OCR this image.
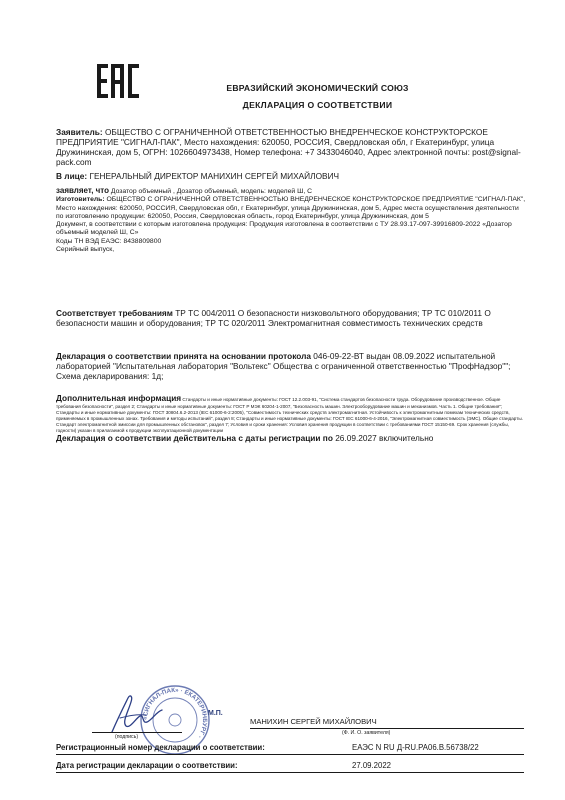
ЕВРАЗИЙСКИЙ ЭКОНОМИЧЕСКИЙ СОЮЗ
ДЕКЛАРАЦИЯ О СООТВЕТСТВИИ
Заявитель: ОБЩЕСТВО С ОГРАНИЧЕННОЙ ОТВЕТСТВЕННОСТЬЮ ВНЕДРЕНЧЕСКОЕ КОНСТРУКТОРСКОЕ ПРЕДПРИЯТИЕ "СИГНАЛ-ПАК", Место нахождения: 620050, РОССИЯ, Свердловская обл, г Екатеринбург, улица Дружининская, дом 5, ОГРН: 1026604973438, Номер телефона: +7 3433046040, Адрес электронной почты: post@signal-pack.com
В лице: ГЕНЕРАЛЬНЫЙ ДИРЕКТОР МАНИХИН СЕРГЕЙ МИХАЙЛОВИЧ
заявляет, что Дозатор объемный , Дозатор объемный, модель: моделей Ш, С
Изготовитель: ОБЩЕСТВО С ОГРАНИЧЕННОЙ ОТВЕТСТВЕННОСТЬЮ ВНЕДРЕНЧЕСКОЕ КОНСТРУКТОРСКОЕ ПРЕДПРИЯТИЕ "СИГНАЛ-ПАК", Место нахождения: 620050, РОССИЯ, Свердловская обл, г Екатеринбург, улица Дружининская, дом 5, Адрес места осуществления деятельности по изготовлению продукции: 620050, Россия, Свердловская область, город Екатеринбург, улица Дружининская, дом 5
Документ, в соответствии с которым изготовлена продукция: Продукция изготовлена в соответствии с ТУ 28.93.17-097-39916809-2022 «Дозатор объемный моделей Ш, С»
Коды ТН ВЭД ЕАЭС: 8438809800
Серийный выпуск,
Соответствует требованиям ТР ТС 004/2011 О безопасности низковольтного оборудования; ТР ТС 010/2011 О безопасности машин и оборудования; ТР ТС 020/2011 Электромагнитная совместимость технических средств
Декларация о соответствии принята на основании протокола 046-09-22-ВТ выдан 08.09.2022 испытательной лабораторией "Испытательная лаборатория "Вольтекс" Общества с ограниченной ответственностью "ПрофНадзор""; Схема декларирования: 1д;
Дополнительная информация Стандарты и иные нормативные документы: ГОСТ 12.2.003-91, "Система стандартов безопасности труда. Оборудование производственное. Общие требования безопасности", раздел 2; Стандарты и иные нормативные документы: ГОСТ Р МЭК 60204-1-2007, "Безопасность машин. Электрооборудование машин и механизмов. Часть 1. Общие требования"; Стандарты и иные нормативные документы: ГОСТ 30804.6.2-2013 (IEC 61000-6-2:2005), "Совместимость технических средств электромагнитная. Устойчивость к электромагнитным помехам технических средств, применяемых в промышленных зонах. Требования и методы испытаний", раздел 8; Стандарты и иные нормативные документы: ГОСТ IEC 61000-6-4-2016, "Электромагнитная совместимость (ЭМС). Общие стандарты. Стандарт электромагнитной эмиссии для промышленных обстановок", раздел 7; Условия и сроки хранения: Условия хранения продукции в соответствии с требованиями ГОСТ 15150-69. Срок хранения (службы, годности) указан в прилагаемой к продукции эксплуатационной документации
Декларация о соответствии действительна с даты регистрации по 26.09.2027 включительно
«СИГНАЛ-ПАК» · ЕКАТЕРИНБУРГ ·
М.П.
МАНИХИН СЕРГЕЙ МИХАЙЛОВИЧ
(подпись)
(Ф. И. О. заявителя)
Регистрационный номер декларации о соответствии:	ЕАЭС N RU Д-RU.PA06.B.56738/22
Дата регистрации декларации о соответствии:	27.09.2022
